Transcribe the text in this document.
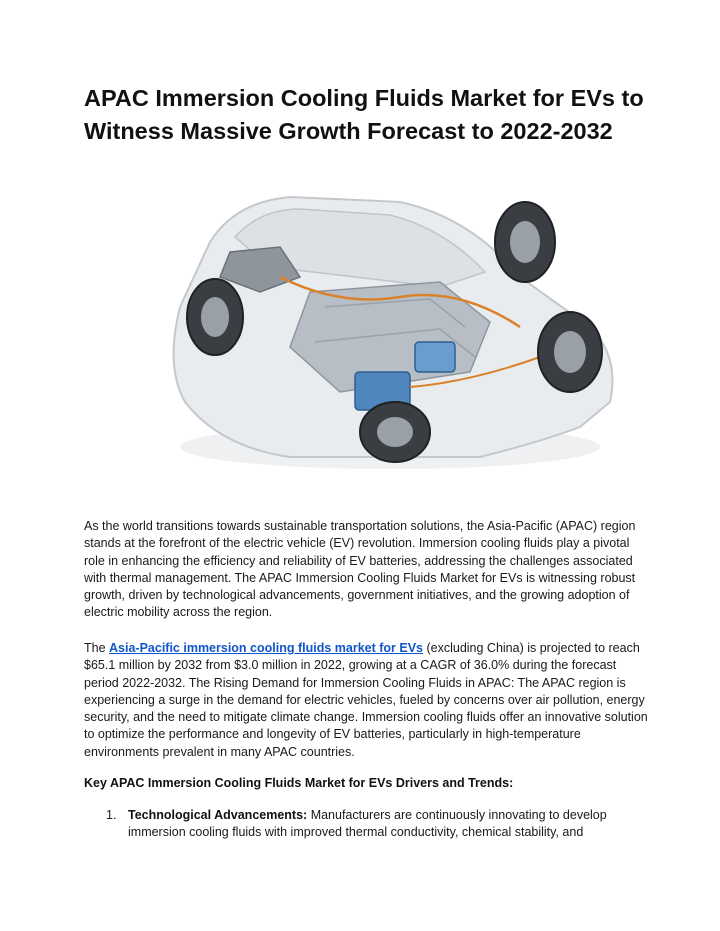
APAC Immersion Cooling Fluids Market for EVs to Witness Massive Growth Forecast to 2022-2032

As the world transitions towards sustainable transportation solutions, the Asia-Pacific (APAC) region stands at the forefront of the electric vehicle (EV) revolution. Immersion cooling fluids play a pivotal role in enhancing the efficiency and reliability of EV batteries, addressing the challenges associated with thermal management. The APAC Immersion Cooling Fluids Market for EVs is witnessing robust growth, driven by technological advancements, government initiatives, and the growing adoption of electric mobility across the region.

The Asia-Pacific immersion cooling fluids market for EVs (excluding China) is projected to reach $65.1 million by 2032 from $3.0 million in 2022, growing at a CAGR of 36.0% during the forecast period 2022-2032. The Rising Demand for Immersion Cooling Fluids in APAC: The APAC region is experiencing a surge in the demand for electric vehicles, fueled by concerns over air pollution, energy security, and the need to mitigate climate change. Immersion cooling fluids offer an innovative solution to optimize the performance and longevity of EV batteries, particularly in high-temperature environments prevalent in many APAC countries.

Key APAC Immersion Cooling Fluids Market for EVs Drivers and Trends:
1. Technological Advancements: Manufacturers are continuously innovating to develop immersion cooling fluids with improved thermal conductivity, chemical stability, and
